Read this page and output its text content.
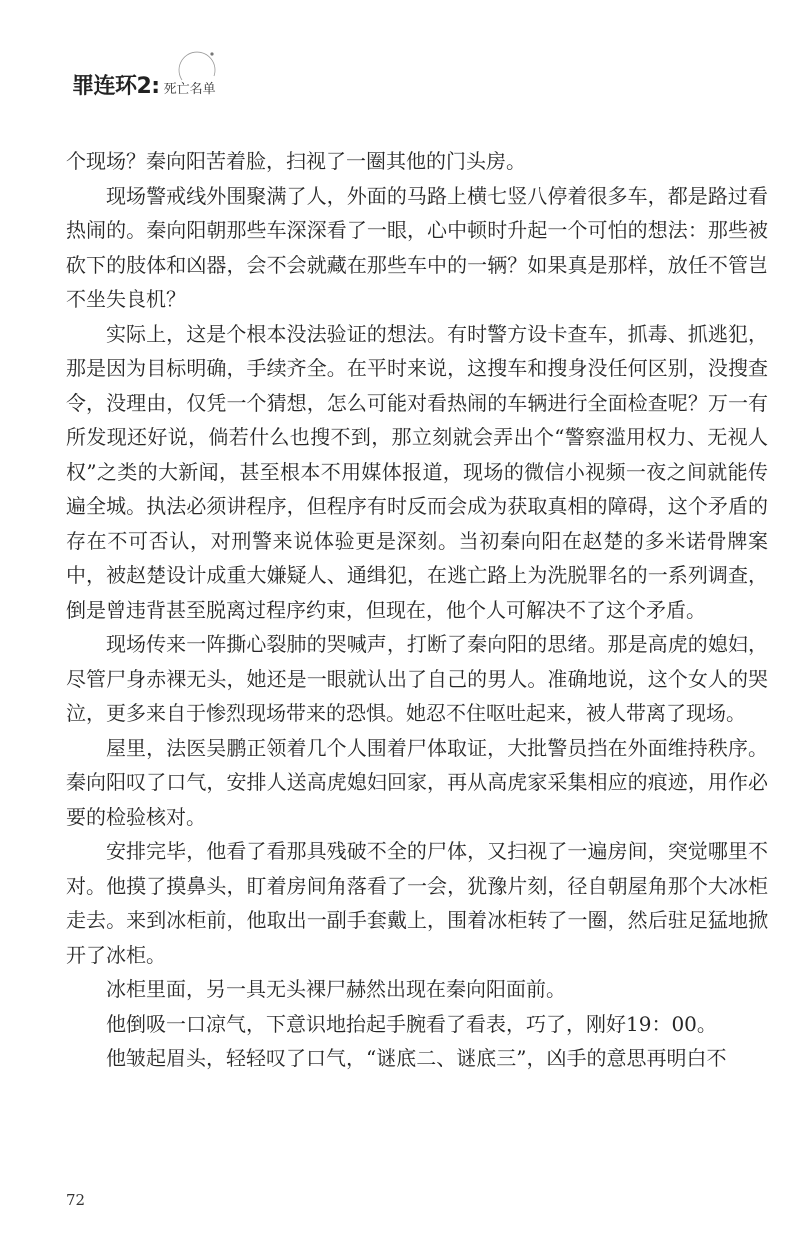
罪连环2: 死亡名单

个现场？秦向阳苦着脸，扫视了一圈其他的门头房。

现场警戒线外围聚满了人，外面的马路上横七竖八停着很多车，都是路过看热闹的。秦向阳朝那些车深深看了一眼，心中顿时升起一个可怕的想法：那些被砍下的肢体和凶器，会不会就藏在那些车中的一辆？如果真是那样，放任不管岂不坐失良机？

实际上，这是个根本没法验证的想法。有时警方设卡查车，抓毒、抓逃犯，那是因为目标明确，手续齐全。在平时来说，这搜车和搜身没任何区别，没搜查令，没理由，仅凭一个猜想，怎么可能对看热闹的车辆进行全面检查呢？万一有所发现还好说，倘若什么也搜不到，那立刻就会弄出个“警察滥用权力、无视人权”之类的大新闻，甚至根本不用媒体报道，现场的微信小视频一夜之间就能传遍全城。执法必须讲程序，但程序有时反而会成为获取真相的障碍，这个矛盾的存在不可否认，对刑警来说体验更是深刻。当初秦向阳在赵楚的多米诺骨牌案中，被赵楚设计成重大嫌疑人、通缉犯，在逃亡路上为洗脱罪名的一系列调查，倒是曾违背甚至脱离过程序约束，但现在，他个人可解决不了这个矛盾。

现场传来一阵撕心裂肺的哭喊声，打断了秦向阳的思绪。那是高虎的媳妇，尽管尸身赤裸无头，她还是一眼就认出了自己的男人。准确地说，这个女人的哭泣，更多来自于惨烈现场带来的恐惧。她忍不住呕吐起来，被人带离了现场。

屋里，法医吴鹏正领着几个人围着尸体取证，大批警员挡在外面维持秩序。秦向阳叹了口气，安排人送高虎媳妇回家，再从高虎家采集相应的痕迹，用作必要的检验核对。

安排完毕，他看了看那具残破不全的尸体，又扫视了一遍房间，突觉哪里不对。他摸了摸鼻头，盯着房间角落看了一会，犹豫片刻，径自朝屋角那个大冰柜走去。来到冰柜前，他取出一副手套戴上，围着冰柜转了一圈，然后驻足猛地掀开了冰柜。

冰柜里面，另一具无头裸尸赫然出现在秦向阳面前。

他倒吸一口凉气，下意识地抬起手腕看了看表，巧了，刚好19：00。

他皱起眉头，轻轻叹了口气，“谜底二、谜底三”，凶手的意思再明白不

72
